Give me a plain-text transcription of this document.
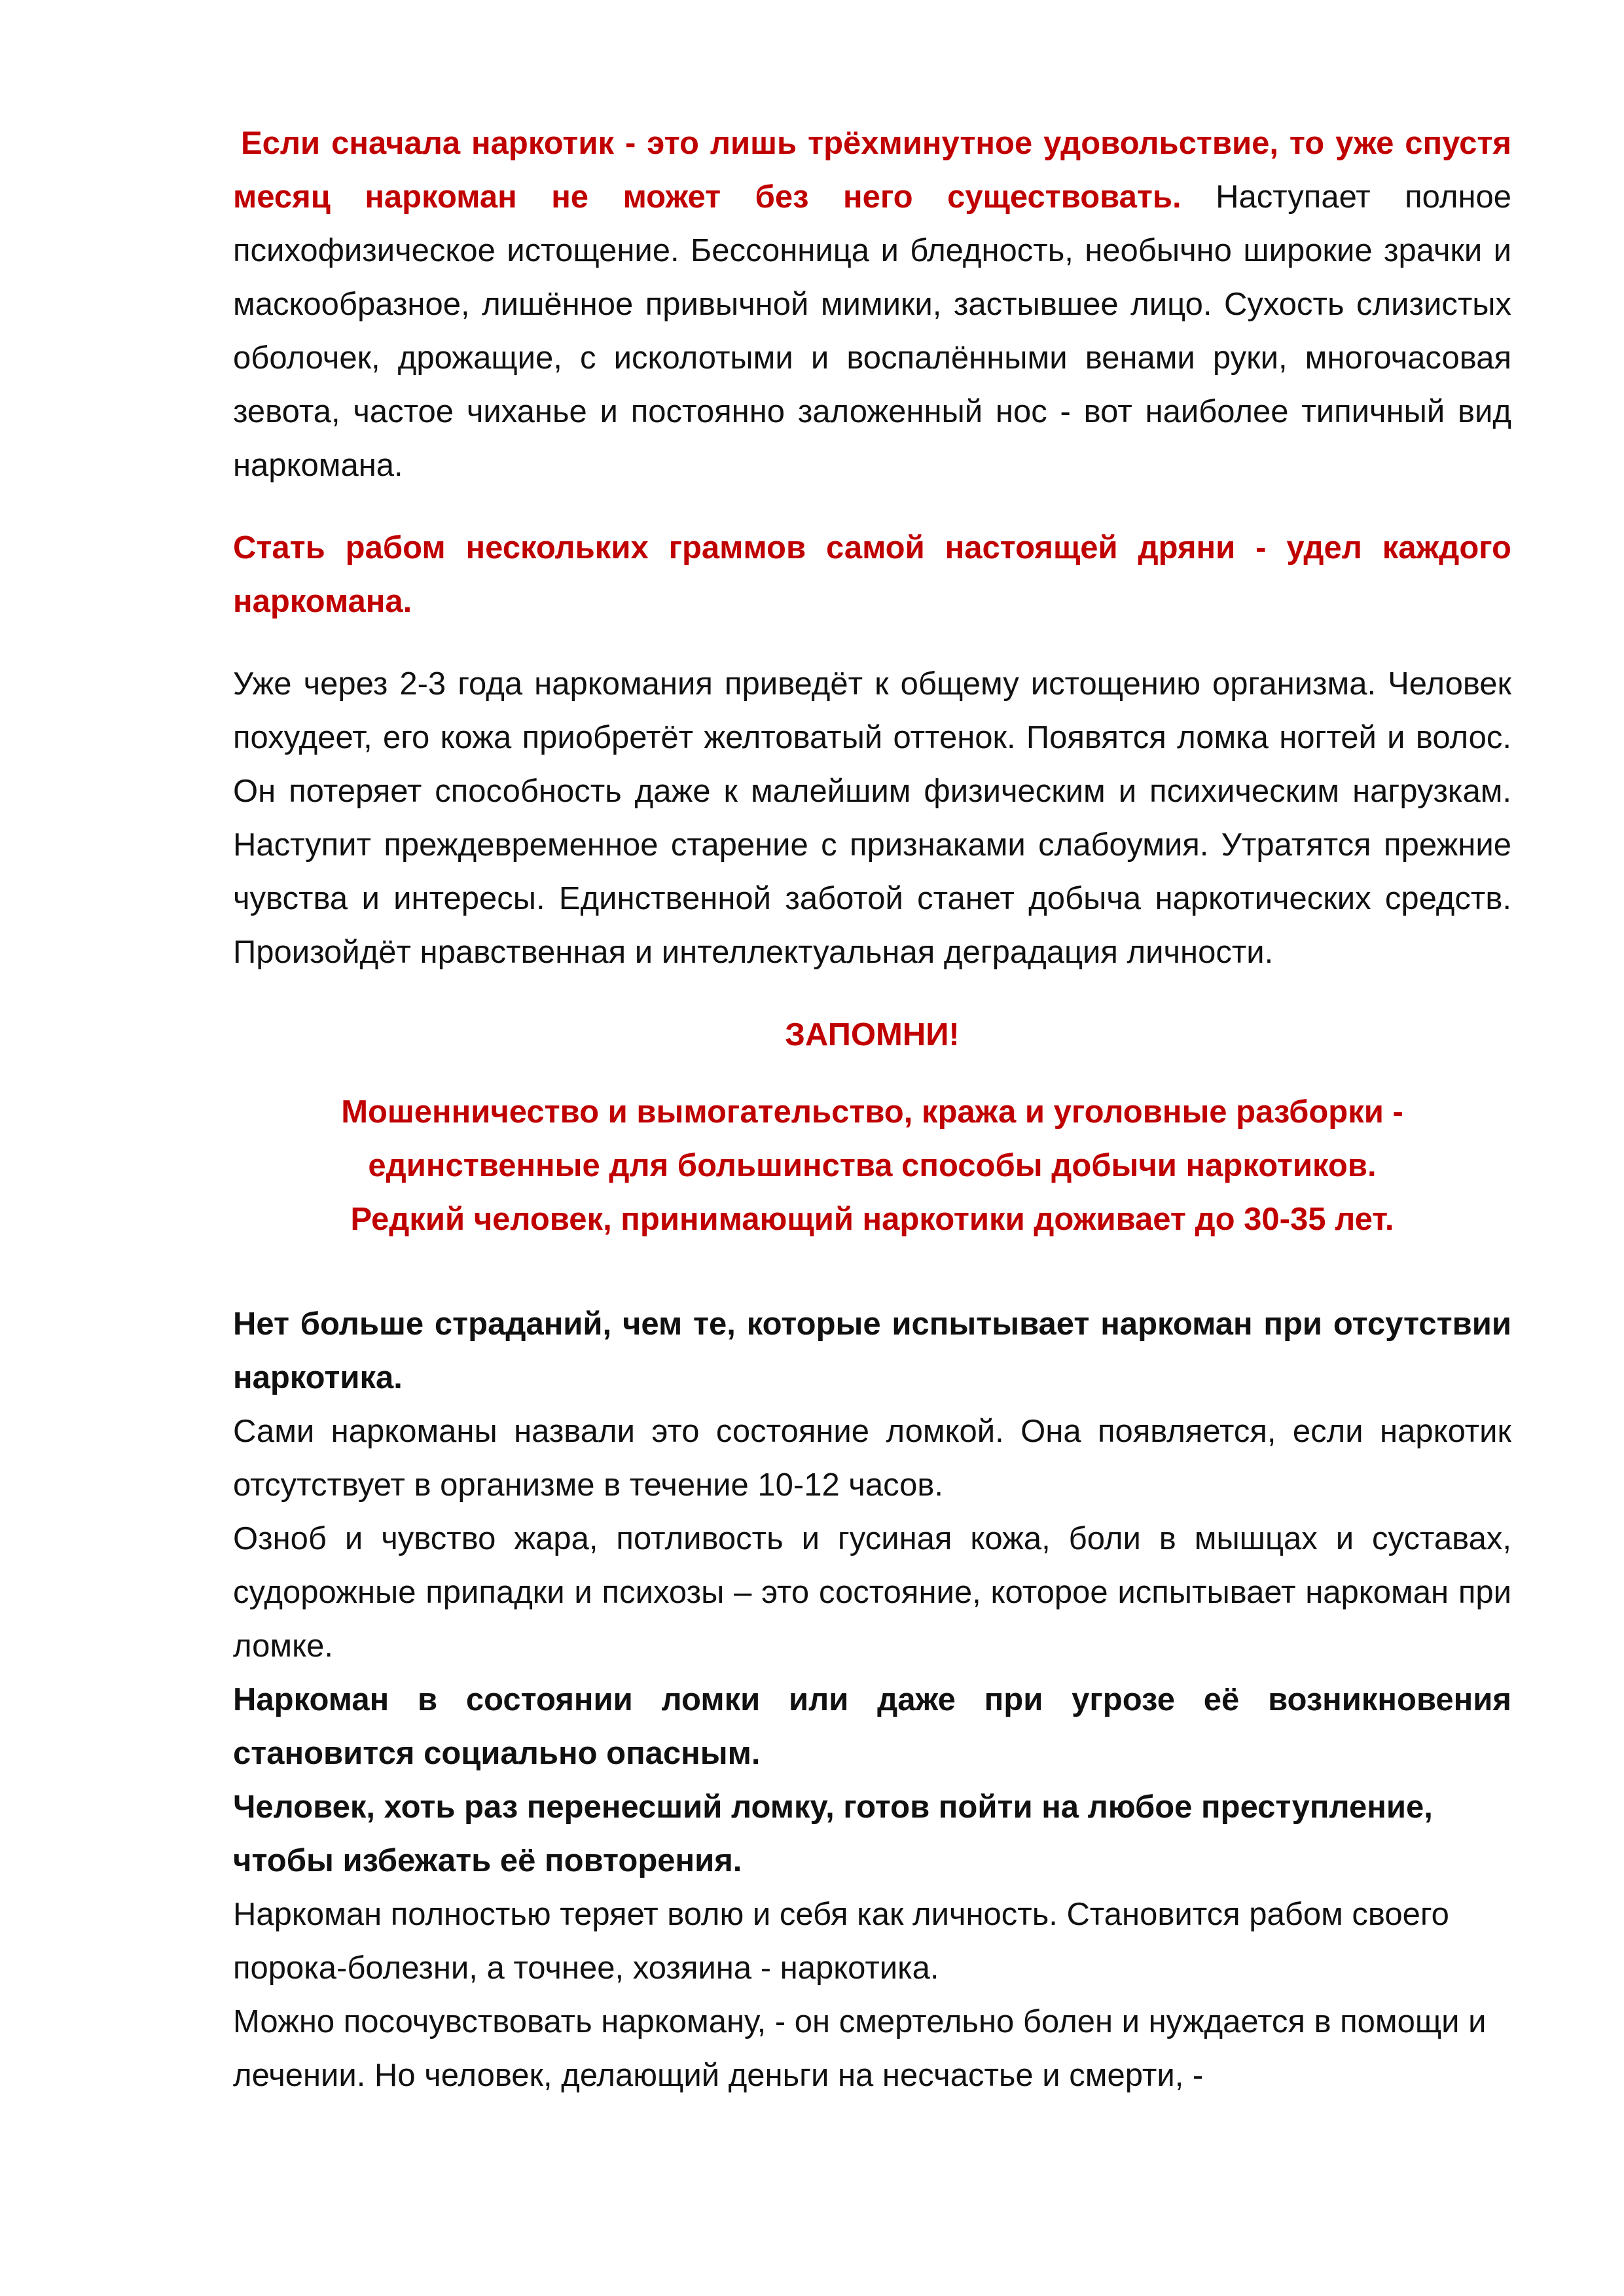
Если сначала наркотик - это лишь трёхминутное удовольствие, то уже спустя месяц наркоман не может без него существовать. Наступает полное психофизическое истощение. Бессонница и бледность, необычно широкие зрачки и маскообразное, лишённое привычной мимики, застывшее лицо. Сухость слизистых оболочек, дрожащие, с исколотыми и воспалёнными венами руки, многочасовая зевота, частое чиханье и постоянно заложенный нос - вот наиболее типичный вид наркомана.

Стать рабом нескольких граммов самой настоящей дряни - удел каждого наркомана.

Уже через 2-3 года наркомания приведёт к общему истощению организма. Человек похудеет, его кожа приобретёт желтоватый оттенок. Появятся ломка ногтей и волос. Он потеряет способность даже к малейшим физическим и психическим нагрузкам. Наступит преждевременное старение с признаками слабоумия. Утратятся прежние чувства и интересы. Единственной заботой станет добыча наркотических средств. Произойдёт нравственная и интеллектуальная деградация личности.

ЗАПОМНИ!

Мошенничество и вымогательство, кража и уголовные разборки -

единственные для большинства способы добычи наркотиков.

Редкий человек, принимающий наркотики доживает до 30-35 лет.

Нет больше страданий, чем те, которые испытывает наркоман при отсутствии наркотика.

Сами наркоманы назвали это состояние ломкой. Она появляется, если наркотик отсутствует в организме в течение 10-12 часов.

Озноб и чувство жара, потливость и гусиная кожа, боли в мышцах и суставах, судорожные припадки и психозы – это состояние, которое испытывает наркоман при ломке.

Наркоман в состоянии ломки или даже при угрозе её возникновения становится социально опасным.

Человек, хоть раз перенесший ломку, готов пойти на любое преступление, чтобы избежать её повторения.

Наркоман полностью теряет волю и себя как личность. Становится рабом своего порока-болезни, а точнее, хозяина - наркотика.

Можно посочувствовать наркоману, - он смертельно болен и нуждается в помощи и лечении. Но человек, делающий деньги на несчастье и смерти, -
